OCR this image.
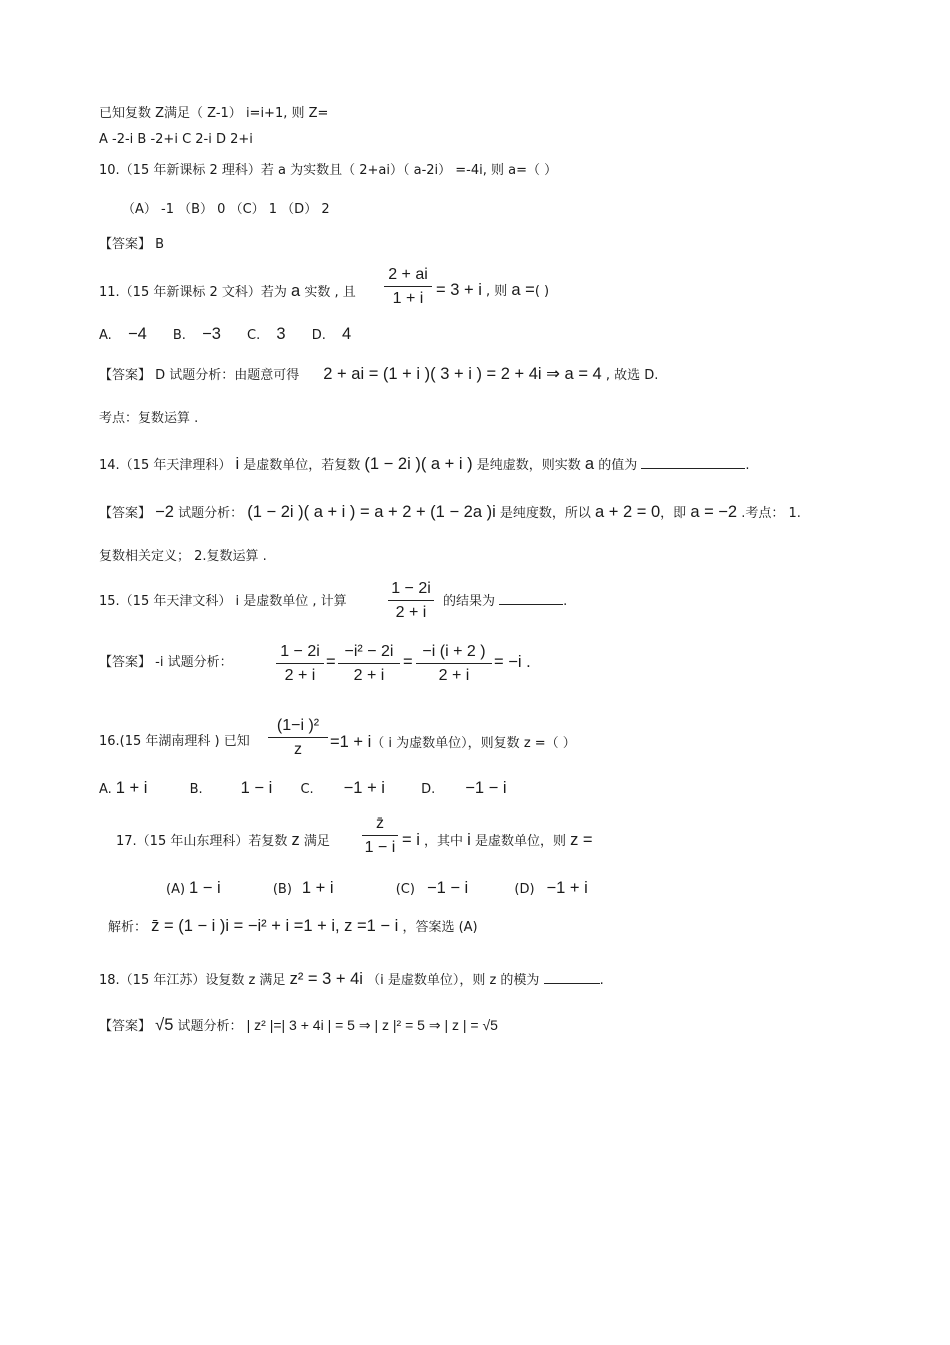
已知复数 Z满足（ Z-1） i=i+1, 则 Z=
A -2-i B -2+i C 2-i D 2+i
10.（15 年新课标 2 理科）若 a 为实数且（ 2+ai）（ a-2i） =-4i, 则 a=（ ）
（A） -1 （B） 0 （C） 1 （D） 2
【答案】 B
11.（15 年新课标 2 文科）若为 a 实数 , 且
2 + ai
1 + i = 3 + i , 则 a =( )
A. −4 B. −3 C. 3 D. 4
【答案】 D 试题分析：由题意可得 2 + ai = (1 + i )( 3 + i ) = 2 + 4i ⇒ a = 4 , 故选 D.
考点：复数运算 .
14.（15 年天津理科） i 是虚数单位，若复数 (1 − 2i )( a + i ) 是纯虚数，则实数 a 的值为	.
【答案】 −2 试题分析： (1 − 2i )( a + i ) = a + 2 + (1 − 2a )i 是纯度数，所以 a + 2 = 0，即 a = −2 .考点： 1.
复数相关定义； 2.复数运算 .
15.（15 年天津文科） i 是虚数单位 , 计算
1 − 2i
2 + i
的结果为	.
【答案】 -i 试题分析：
1 − 2i
2 + i
=
−i² − 2i
2 + i
=
−i (i + 2 )
2 + i
= −i .
16.(15 年湖南理科 ) 已知
(1−i )²
z	=1 + i（ i 为虚数单位），则复数 z =（ ）
A. 1 + i	B. 1 − i C. −1 + i	D. −1 − i
17.（15 年山东理科）若复数 z 满足
z̄
1 − i = i ，其中 i 是虚数单位，则 z =
(A) 1 − i	(B) 1 + i	(C) −1 − i	(D) −1 + i
解析： z̄ = (1 − i )i = −i² + i =1 + i, z =1 − i ，答案选 (A)
18.（15 年江苏）设复数 z 满足 z² = 3 + 4i （i 是虚数单位），则 z 的模为	.
【答案】 √5 试题分析： | z² |=| 3 + 4i | = 5 ⇒ | z |² = 5 ⇒ | z | = √5
